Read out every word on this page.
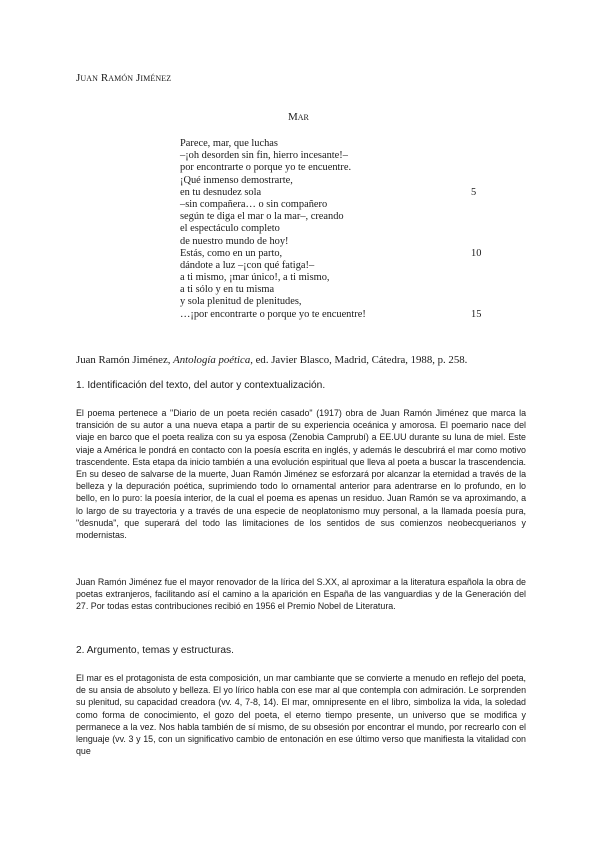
Juan Ramón Jiménez
Mar
Parece, mar, que luchas
–¡oh desorden sin fin, hierro incesante!–
por encontrarte o porque yo te encuentre.
¡Qué inmenso demostrarte,
en tu desnudez sola	5
–sin compañera… o sin compañero
según te diga el mar o la mar–, creando
el espectáculo completo
de nuestro mundo de hoy!
Estás, como en un parto,	10
dándote a luz –¡con qué fatiga!–
a ti mismo, ¡mar único!, a ti mismo,
a ti sólo y en tu misma
y sola plenitud de plenitudes,
…¡por encontrarte o porque yo te encuentre!	15
Juan Ramón Jiménez, Antología poética, ed. Javier Blasco, Madrid, Cátedra, 1988, p. 258.
1. Identificación del texto, del autor y contextualización.
El poema pertenece a "Diario de un poeta recién casado" (1917) obra de Juan Ramón Jiménez que marca la transición de su autor a una nueva etapa a partir de su experiencia oceánica y amorosa. El poemario nace del viaje en barco que el poeta realiza con su ya esposa (Zenobia Camprubí) a EE.UU durante su luna de miel. Este viaje a América le pondrá en contacto con la poesía escrita en inglés, y además le descubrirá el mar como motivo trascendente. Esta etapa da inicio también a una evolución espiritual que lleva al poeta a buscar la trascendencia. En su deseo de salvarse de la muerte, Juan Ramón Jiménez se esforzará por alcanzar la eternidad a través de la belleza y la depuración poética, suprimiendo todo lo ornamental anterior para adentrarse en lo profundo, en lo bello, en lo puro: la poesía interior, de la cual el poema es apenas un residuo. Juan Ramón se va aproximando, a lo largo de su trayectoria y a través de una especie de neoplatonismo muy personal, a la llamada poesía pura, "desnuda", que superará del todo las limitaciones de los sentidos de sus comienzos neobecquerianos y modernistas.
Juan Ramón Jiménez fue el mayor renovador de la lírica del S.XX, al aproximar a la literatura española la obra de poetas extranjeros, facilitando así el camino a la aparición en España de las vanguardias y de la Generación del 27. Por todas estas contribuciones recibió en 1956 el Premio Nobel de Literatura.
2. Argumento, temas y estructuras.
El mar es el protagonista de esta composición, un mar cambiante que se convierte a menudo en reflejo del poeta, de su ansia de absoluto y belleza. El yo lírico habla con ese mar al que contempla con admiración. Le sorprenden su plenitud, su capacidad creadora (vv. 4, 7-8, 14). El mar, omnipresente en el libro, simboliza la vida, la soledad como forma de conocimiento, el gozo del poeta, el eterno tiempo presente, un universo que se modifica y permanece a la vez. Nos habla también de sí mismo, de su obsesión por encontrar el mundo, por recrearlo con el lenguaje (vv. 3 y 15, con un significativo cambio de entonación en ese último verso que manifiesta la vitalidad con que
